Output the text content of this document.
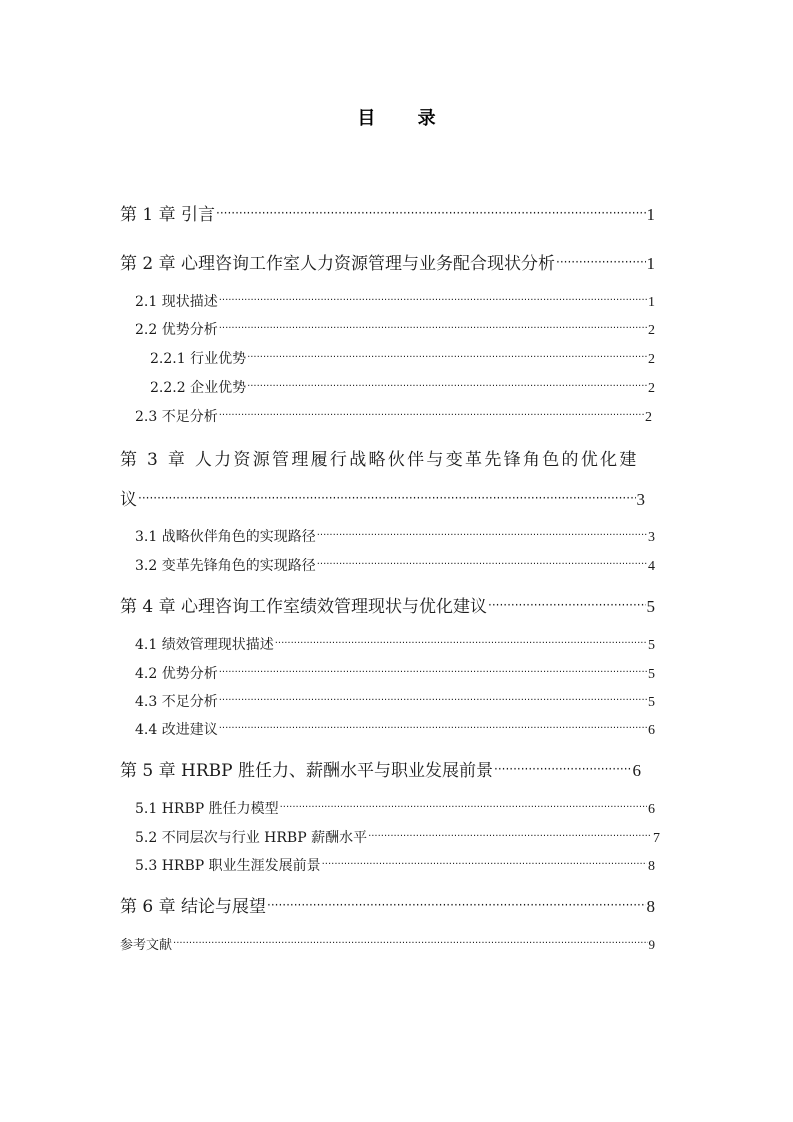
目 录
第 1 章 引言 ·····	1
第 2 章 心理咨询工作室人力资源管理与业务配合现状分析 ·····	1
2.1 现状描述 ·····	1
2.2 优势分析 ·····	2
2.2.1 行业优势 ·····	2
2.2.2 企业优势 ·····	2
2.3 不足分析 ·····	2
第 3 章 人力资源管理履行战略伙伴与变革先锋角色的优化建
议 ·····	3
3.1 战略伙伴角色的实现路径 ·····	3
3.2 变革先锋角色的实现路径 ·····	4
第 4 章 心理咨询工作室绩效管理现状与优化建议 ·····	5
4.1 绩效管理现状描述 ·····	5
4.2 优势分析 ·····	5
4.3 不足分析 ·····	5
4.4 改进建议 ·····	6
第 5 章 HRBP 胜任力、薪酬水平与职业发展前景 ·····	6
5.1 HRBP 胜任力模型 ·····	6
5.2 不同层次与行业 HRBP 薪酬水平 ·····	7
5.3 HRBP 职业生涯发展前景 ·····	8
第 6 章 结论与展望 ·····	8
参考文献 ·····	9
